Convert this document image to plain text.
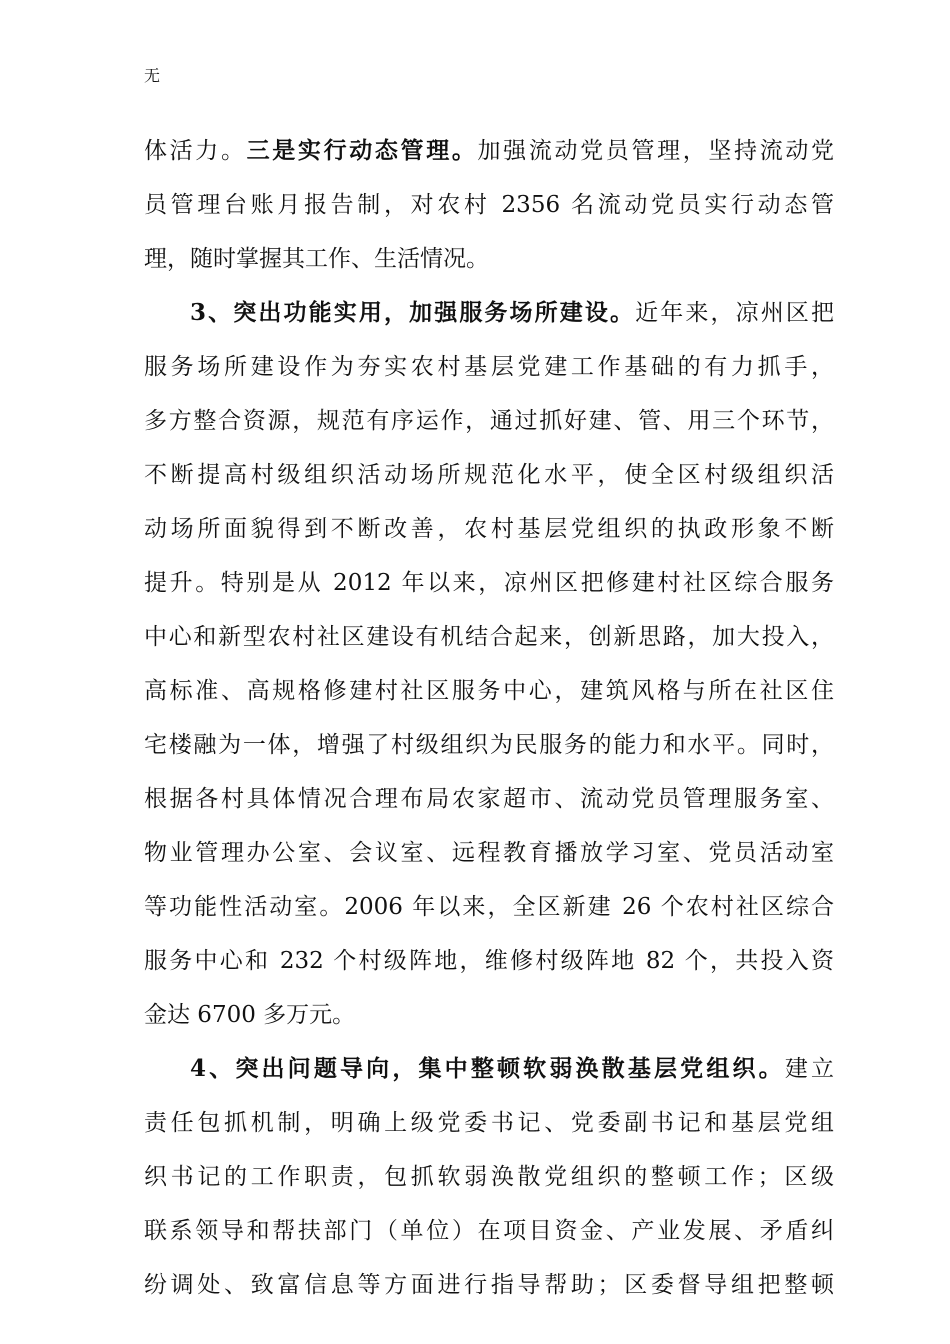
无
体活力。三是实行动态管理。加强流动党员管理，坚持流动党
员管理台账月报告制，对农村 2356 名流动党员实行动态管
理，随时掌握其工作、生活情况。
3、突出功能实用，加强服务场所建设。近年来，凉州区把
服务场所建设作为夯实农村基层党建工作基础的有力抓手，
多方整合资源，规范有序运作，通过抓好建、管、用三个环节，
不断提高村级组织活动场所规范化水平，使全区村级组织活
动场所面貌得到不断改善，农村基层党组织的执政形象不断
提升。特别是从 2012 年以来，凉州区把修建村社区综合服务
中心和新型农村社区建设有机结合起来，创新思路，加大投入，
高标准、高规格修建村社区服务中心，建筑风格与所在社区住
宅楼融为一体，增强了村级组织为民服务的能力和水平。同时，
根据各村具体情况合理布局农家超市、流动党员管理服务室、
物业管理办公室、会议室、远程教育播放学习室、党员活动室
等功能性活动室。2006 年以来，全区新建 26 个农村社区综合
服务中心和 232 个村级阵地，维修村级阵地 82 个，共投入资
金达 6700 多万元。
4、突出问题导向，集中整顿软弱涣散基层党组织。建立
责任包抓机制，明确上级党委书记、党委副书记和基层党组
织书记的工作职责，包抓软弱涣散党组织的整顿工作；区级
联系领导和帮扶部门（单位）在项目资金、产业发展、矛盾纠
纷调处、致富信息等方面进行指导帮助；区委督导组把整顿
